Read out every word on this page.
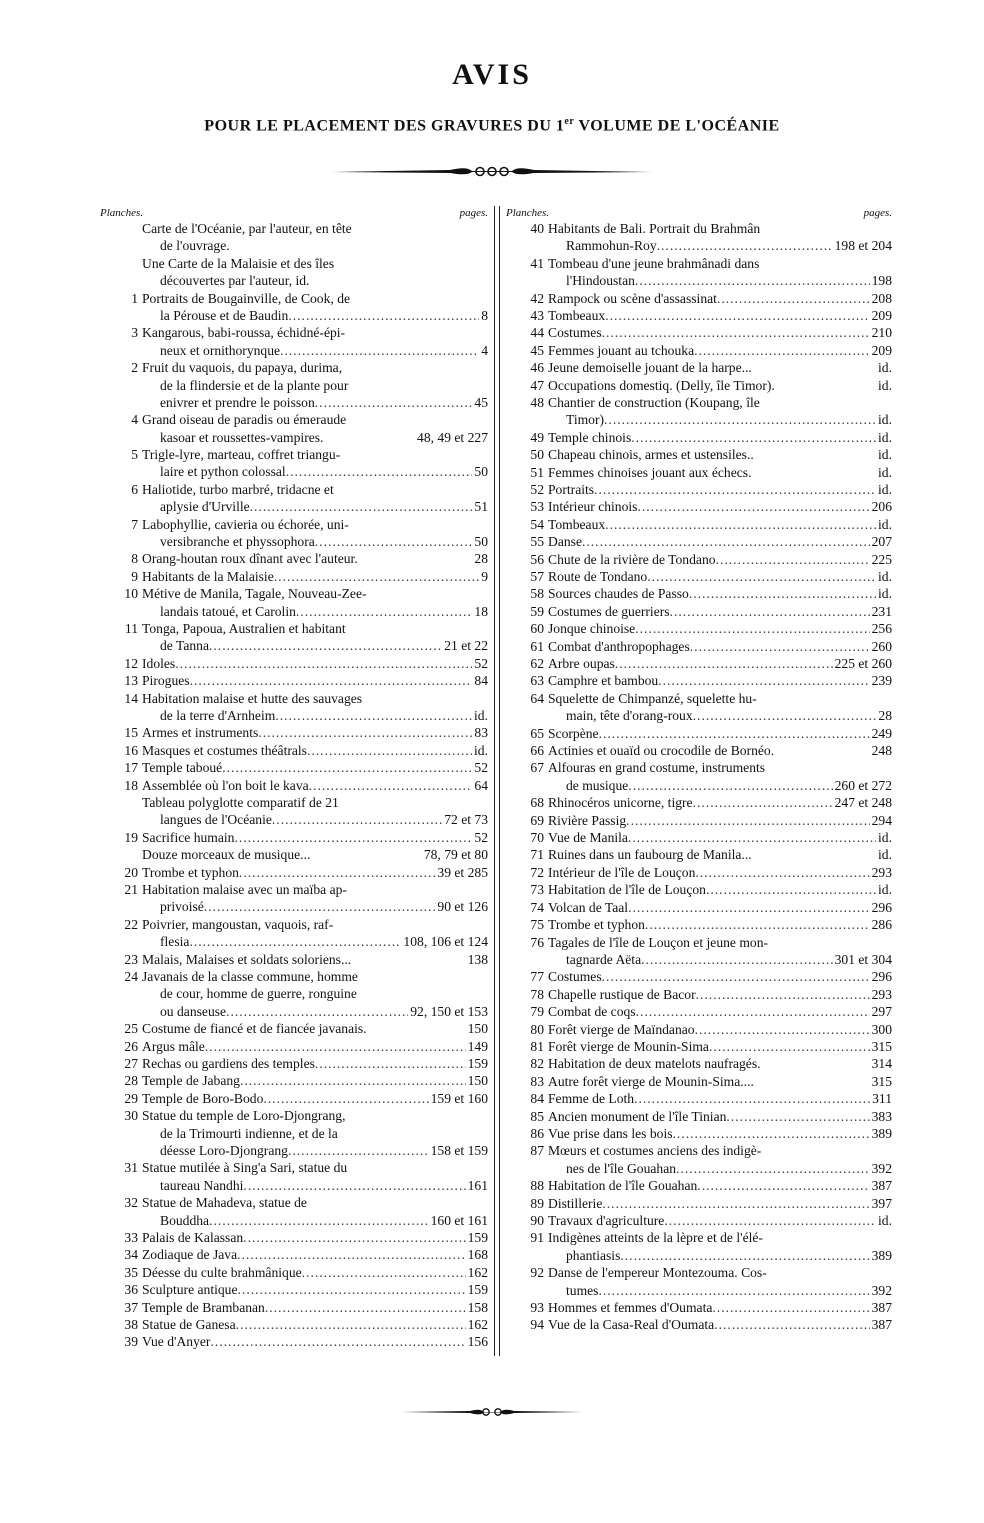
AVIS
POUR LE PLACEMENT DES GRAVURES DU 1er VOLUME DE L'OCÉANIE
Planches.	pages.
Carte de l'Océanie, par l'auteur, en tête
de l'ouvrage.
Une Carte de la Malaisie et des îles
découvertes par l'auteur, id.
1 Portraits de Bougainville, de Cook, de
la Pérouse et de Baudin .....	8
3 Kangarous, babi-roussa, échidné-épi-
neux et ornithorynque .....	4
2 Fruit du vaquois, du papaya, durima,
de la flindersie et de la plante pour
enivrer et prendre le poisson .....	45
4 Grand oiseau de paradis ou émeraude
kasoar et roussettes-vampires.	48, 49 et 227
5 Trigle-lyre, marteau, coffret triangu-
laire et python colossal .....	50
6 Haliotide, turbo marbré, tridacne et
aplysie d'Urville .....	51
7 Labophyllie, cavieria ou échorée, uni-
versibranche et physsophora .....	50
8 Orang-houtan roux dînant avec l'auteur.	28
9 Habitants de la Malaisie .....	9
10 Métive de Manila, Tagale, Nouveau-Zee-
landais tatoué, et Carolin .....	18
11 Tonga, Papoua, Australien et habitant
de Tanna .....	21 et 22
12 Idoles .....	52
13 Pirogues .....	84
14 Habitation malaise et hutte des sauvages
de la terre d'Arnheim .....	id.
15 Armes et instruments .....	83
16 Masques et costumes théâtrals .....	id.
17 Temple taboué .....	52
18 Assemblée où l'on boit le kava .....	64
Tableau polyglotte comparatif de 21
langues de l'Océanie .....	72 et 73
19 Sacrifice humain .....	52
Douze morceaux de musique...	78, 79 et 80
20 Trombe et typhon .....	39 et 285
21 Habitation malaise avec un maïba ap-
privoisé .....	90 et 126
22 Poivrier, mangoustan, vaquois, raf-
flesia .....	108, 106 et 124
23 Malais, Malaises et soldats soloriens...	138
24 Javanais de la classe commune, homme
de cour, homme de guerre, ronguine
ou danseuse .....	92, 150 et 153
25 Costume de fiancé et de fiancée javanais.	150
26 Argus mâle .....	149
27 Rechas ou gardiens des temples .....	159
28 Temple de Jabang .....	150
29 Temple de Boro-Bodo .....	159 et 160
30 Statue du temple de Loro-Djongrang,
de la Trimourti indienne, et de la
déesse Loro-Djongrang .....	158 et 159
31 Statue mutilée à Sing'a Sari, statue du
taureau Nandhi .....	161
32 Statue de Mahadeva, statue de
Bouddha .....	160 et 161
33 Palais de Kalassan .....	159
34 Zodiaque de Java .....	168
35 Déesse du culte brahmânique .....	162
36 Sculpture antique .....	159
37 Temple de Brambanan .....	158
38 Statue de Ganesa .....	162
39 Vue d'Anyer .....	156
Planches.	pages.
40 Habitants de Bali. Portrait du Brahmân
Rammohun-Roy .....	198 et 204
41 Tombeau d'une jeune brahmânadi dans
l'Hindoustan .....	198
42 Rampock ou scène d'assassinat .....	208
43 Tombeaux .....	209
44 Costumes .....	210
45 Femmes jouant au tchouka .....	209
46 Jeune demoiselle jouant de la harpe...	id.
47 Occupations domestiq. (Delly, île Timor).	id.
48 Chantier de construction (Koupang, île
Timor) .....	id.
49 Temple chinois .....	id.
50 Chapeau chinois, armes et ustensiles..	id.
51 Femmes chinoises jouant aux échecs.	id.
52 Portraits .....	id.
53 Intérieur chinois .....	206
54 Tombeaux .....	id.
55 Danse .....	207
56 Chute de la rivière de Tondano .....	225
57 Route de Tondano .....	id.
58 Sources chaudes de Passo .....	id.
59 Costumes de guerriers .....	231
60 Jonque chinoise .....	256
61 Combat d'anthropophages .....	260
62 Arbre oupas .....	225 et 260
63 Camphre et bambou .....	239
64 Squelette de Chimpanzé, squelette hu-
main, tête d'orang-roux .....	28
65 Scorpène .....	249
66 Actinies et ouaïd ou crocodile de Bornéo.	248
67 Alfouras en grand costume, instruments
de musique .....	260 et 272
68 Rhinocéros unicorne, tigre .....	247 et 248
69 Rivière Passig .....	294
70 Vue de Manila .....	id.
71 Ruines dans un faubourg de Manila...	id.
72 Intérieur de l'île de Louçon .....	293
73 Habitation de l'île de Louçon .....	id.
74 Volcan de Taal .....	296
75 Trombe et typhon .....	286
76 Tagales de l'île de Louçon et jeune mon-
tagnarde Aëta .....	301 et 304
77 Costumes .....	296
78 Chapelle rustique de Bacor .....	293
79 Combat de coqs .....	297
80 Forêt vierge de Maïndanao .....	300
81 Forêt vierge de Mounin-Sima .....	315
82 Habitation de deux matelots naufragés.	314
83 Autre forêt vierge de Mounin-Sima....	315
84 Femme de Loth .....	311
85 Ancien monument de l'île Tinian .....	383
86 Vue prise dans les bois .....	389
87 Mœurs et costumes anciens des indigè-
nes de l'île Gouahan .....	392
88 Habitation de l'île Gouahan .....	387
89 Distillerie .....	397
90 Travaux d'agriculture .....	id.
91 Indigènes atteints de la lèpre et de l'élé-
phantiasis .....	389
92 Danse de l'empereur Montezouma. Cos-
tumes .....	392
93 Hommes et femmes d'Oumata .....	387
94 Vue de la Casa-Real d'Oumata .....	387
